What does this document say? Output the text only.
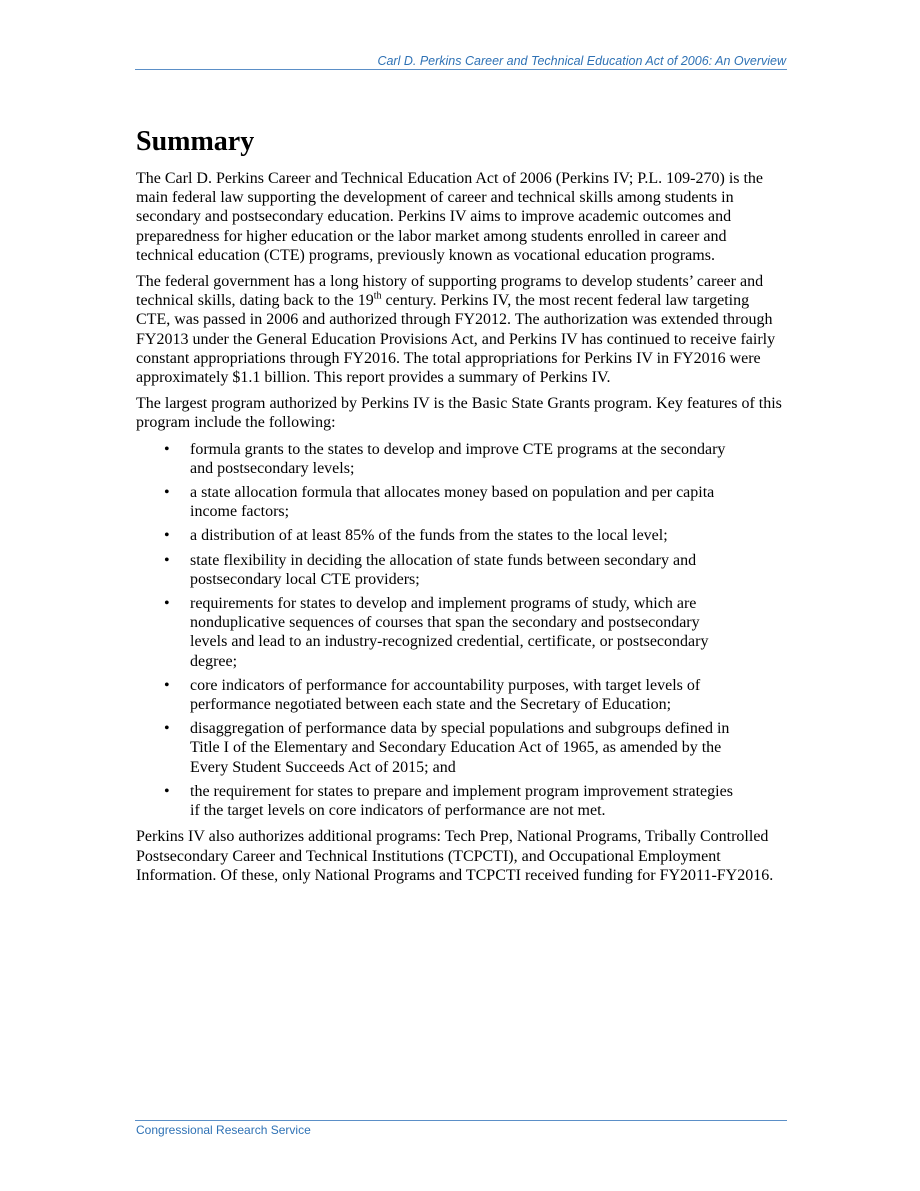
Carl D. Perkins Career and Technical Education Act of 2006: An Overview
Summary

The Carl D. Perkins Career and Technical Education Act of 2006 (Perkins IV; P.L. 109-270) is the main federal law supporting the development of career and technical skills among students in secondary and postsecondary education. Perkins IV aims to improve academic outcomes and preparedness for higher education or the labor market among students enrolled in career and technical education (CTE) programs, previously known as vocational education programs.

The federal government has a long history of supporting programs to develop students’ career and technical skills, dating back to the 19th century. Perkins IV, the most recent federal law targeting CTE, was passed in 2006 and authorized through FY2012. The authorization was extended through FY2013 under the General Education Provisions Act, and Perkins IV has continued to receive fairly constant appropriations through FY2016. The total appropriations for Perkins IV in FY2016 were approximately $1.1 billion. This report provides a summary of Perkins IV.

The largest program authorized by Perkins IV is the Basic State Grants program. Key features of this program include the following:

• formula grants to the states to develop and improve CTE programs at the secondary and postsecondary levels;
• a state allocation formula that allocates money based on population and per capita income factors;
• a distribution of at least 85% of the funds from the states to the local level;
• state flexibility in deciding the allocation of state funds between secondary and postsecondary local CTE providers;
• requirements for states to develop and implement programs of study, which are nonduplicative sequences of courses that span the secondary and postsecondary levels and lead to an industry-recognized credential, certificate, or postsecondary degree;
• core indicators of performance for accountability purposes, with target levels of performance negotiated between each state and the Secretary of Education;
• disaggregation of performance data by special populations and subgroups defined in Title I of the Elementary and Secondary Education Act of 1965, as amended by the Every Student Succeeds Act of 2015; and
• the requirement for states to prepare and implement program improvement strategies if the target levels on core indicators of performance are not met.

Perkins IV also authorizes additional programs: Tech Prep, National Programs, Tribally Controlled Postsecondary Career and Technical Institutions (TCPCTI), and Occupational Employment Information. Of these, only National Programs and TCPCTI received funding for FY2011-FY2016.

Congressional Research Service
